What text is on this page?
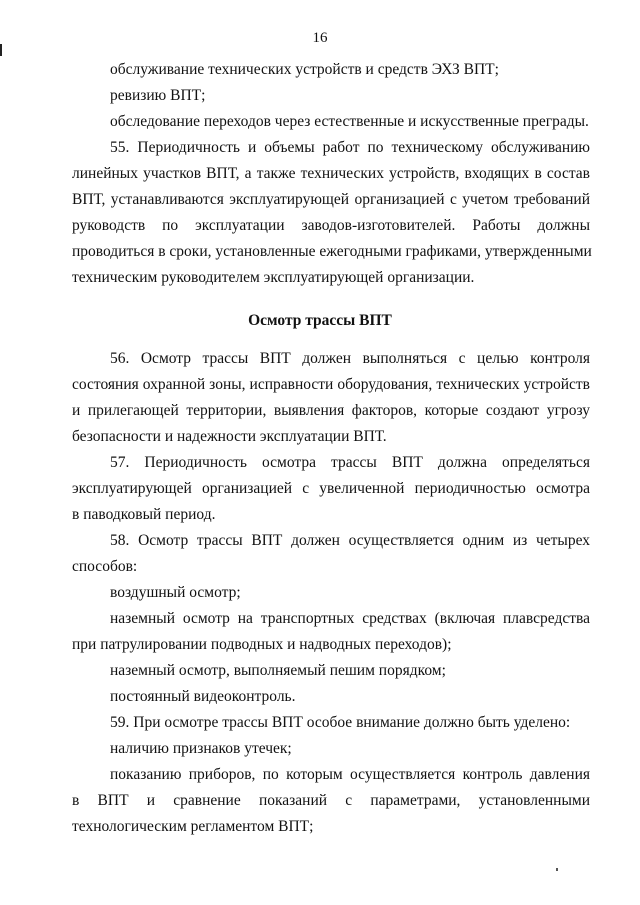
16
обслуживание технических устройств и средств ЭХЗ ВПТ;
ревизию ВПТ;
обследование переходов через естественные и искусственные преграды.
55. Периодичность и объемы работ по техническому обслуживанию
линейных участков ВПТ, а также технических устройств, входящих в состав
ВПТ, устанавливаются эксплуатирующей организацией с учетом требований
руководств по эксплуатации заводов-изготовителей. Работы должны
проводиться в сроки, установленные ежегодными графиками, утвержденными
техническим руководителем эксплуатирующей организации.
Осмотр трассы ВПТ
56. Осмотр трассы ВПТ должен выполняться с целью контроля
состояния охранной зоны, исправности оборудования, технических устройств
и прилегающей территории, выявления факторов, которые создают угрозу
безопасности и надежности эксплуатации ВПТ.
57. Периодичность осмотра трассы ВПТ должна определяться
эксплуатирующей организацией с увеличенной периодичностью осмотра
в паводковый период.
58. Осмотр трассы ВПТ должен осуществляется одним из четырех
способов:
воздушный осмотр;
наземный осмотр на транспортных средствах (включая плавсредства
при патрулировании подводных и надводных переходов);
наземный осмотр, выполняемый пешим порядком;
постоянный видеоконтроль.
59. При осмотре трассы ВПТ особое внимание должно быть уделено:
наличию признаков утечек;
показанию приборов, по которым осуществляется контроль давления
в ВПТ и сравнение показаний с параметрами, установленными
технологическим регламентом ВПТ;
